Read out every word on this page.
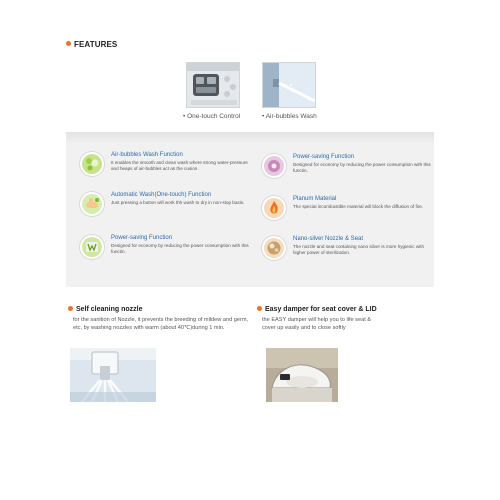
FEATURES
• One-touch Control	• Air-bubbles Wash
Air-bubbles Wash Function
It enables the smooth and clean wash where strong water-pressure and heaps of air-bubbles act as the cusion.
Automatic Wash(One-touch) Function
Just pressing a button will work thh wash to dry in non-stop basis.
Power-saving Function
Designed for economy by reducing the power consumption with this functin.
Power-saving Function
Designed for economy by reducing the power consumption with this functin.
Planum Material
The special incombustible material will block the diffusion of fire.
Nano-silver Nozzle & Seat
The nozzle and seat containing nano silver is more hygienic with higher power of sterilization.
Self cleaning nozzle
for the sanition of Nozzle, it prevents the breeding of mildew and germ, etc, by washing nozzles with warm (about 40℃)during 1 min.
Easy damper for seat cover & LID
the EASY damper will help you to life seat & cover up easily and to close softly
